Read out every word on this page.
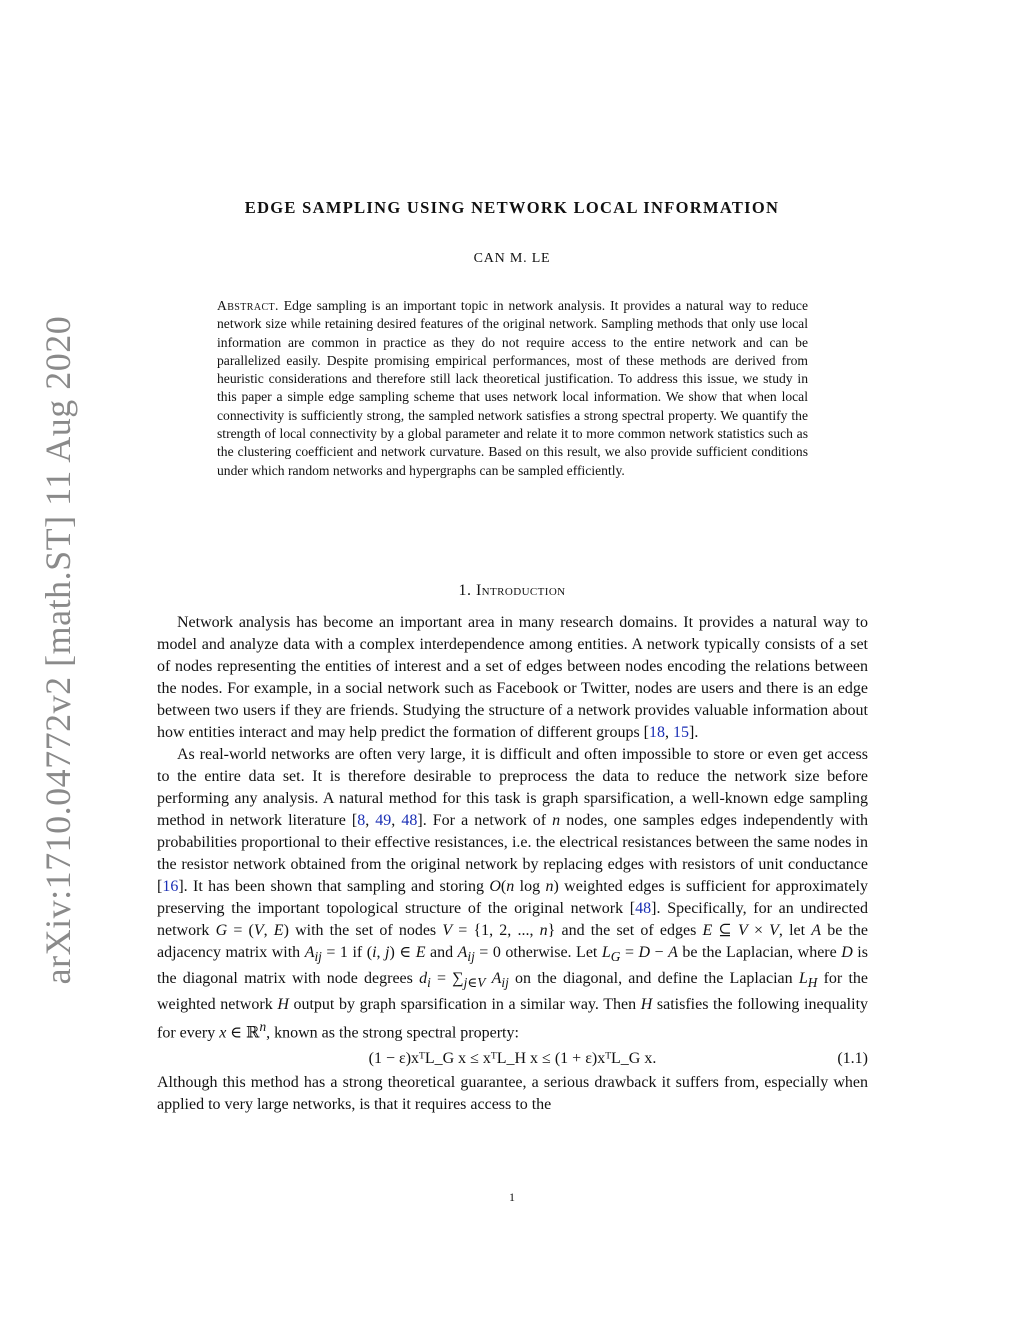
arXiv:1710.04772v2 [math.ST] 11 Aug 2020
EDGE SAMPLING USING NETWORK LOCAL INFORMATION
CAN M. LE

Abstract. Edge sampling is an important topic in network analysis. It provides a natural way to reduce network size while retaining desired features of the original network. Sampling methods that only use local information are common in practice as they do not require access to the entire network and can be parallelized easily. Despite promising empirical performances, most of these methods are derived from heuristic considerations and therefore still lack theoretical justification. To address this issue, we study in this paper a simple edge sampling scheme that uses network local information. We show that when local connectivity is sufficiently strong, the sampled network satisfies a strong spectral property. We quantify the strength of local connectivity by a global parameter and relate it to more common network statistics such as the clustering coefficient and network curvature. Based on this result, we also provide sufficient conditions under which random networks and hypergraphs can be sampled efficiently.

1. Introduction

Network analysis has become an important area in many research domains. It provides a natural way to model and analyze data with a complex interdependence among entities. A network typically consists of a set of nodes representing the entities of interest and a set of edges between nodes encoding the relations between the nodes. For example, in a social network such as Facebook or Twitter, nodes are users and there is an edge between two users if they are friends. Studying the structure of a network provides valuable information about how entities interact and may help predict the formation of different groups [18, 15].

As real-world networks are often very large, it is difficult and often impossible to store or even get access to the entire data set. It is therefore desirable to preprocess the data to reduce the network size before performing any analysis. A natural method for this task is graph sparsification, a well-known edge sampling method in network literature [8, 49, 48]. For a network of n nodes, one samples edges independently with probabilities proportional to their effective resistances, i.e. the electrical resistances between the same nodes in the resistor network obtained from the original network by replacing edges with resistors of unit conductance [16]. It has been shown that sampling and storing O(n log n) weighted edges is sufficient for approximately preserving the important topological structure of the original network [48]. Specifically, for an undirected network G = (V, E) with the set of nodes V = {1, 2, ..., n} and the set of edges E ⊆ V × V, let A be the adjacency matrix with $A_{ij} = 1$ if (i, j) ∈ E and $A_{ij} = 0$ otherwise. Let $L_G = D - A$ be the Laplacian, where D is the diagonal matrix with node degrees $d_i = \sum_{j\in V}$ $A_{ij}$ on the diagonal, and define the Laplacian $L_H$ for the weighted network H output by graph sparsification in a similar way. Then H satisfies the following inequality for every x ∈ ℝ$^n$, known as the strong spectral property:

(1 − ε)xᵀL_G x ≤ xᵀL_H x ≤ (1 + ε)xᵀL_G x.	(1.1)

Although this method has a strong theoretical guarantee, a serious drawback it suffers from, especially when applied to very large networks, is that it requires access to the

1
